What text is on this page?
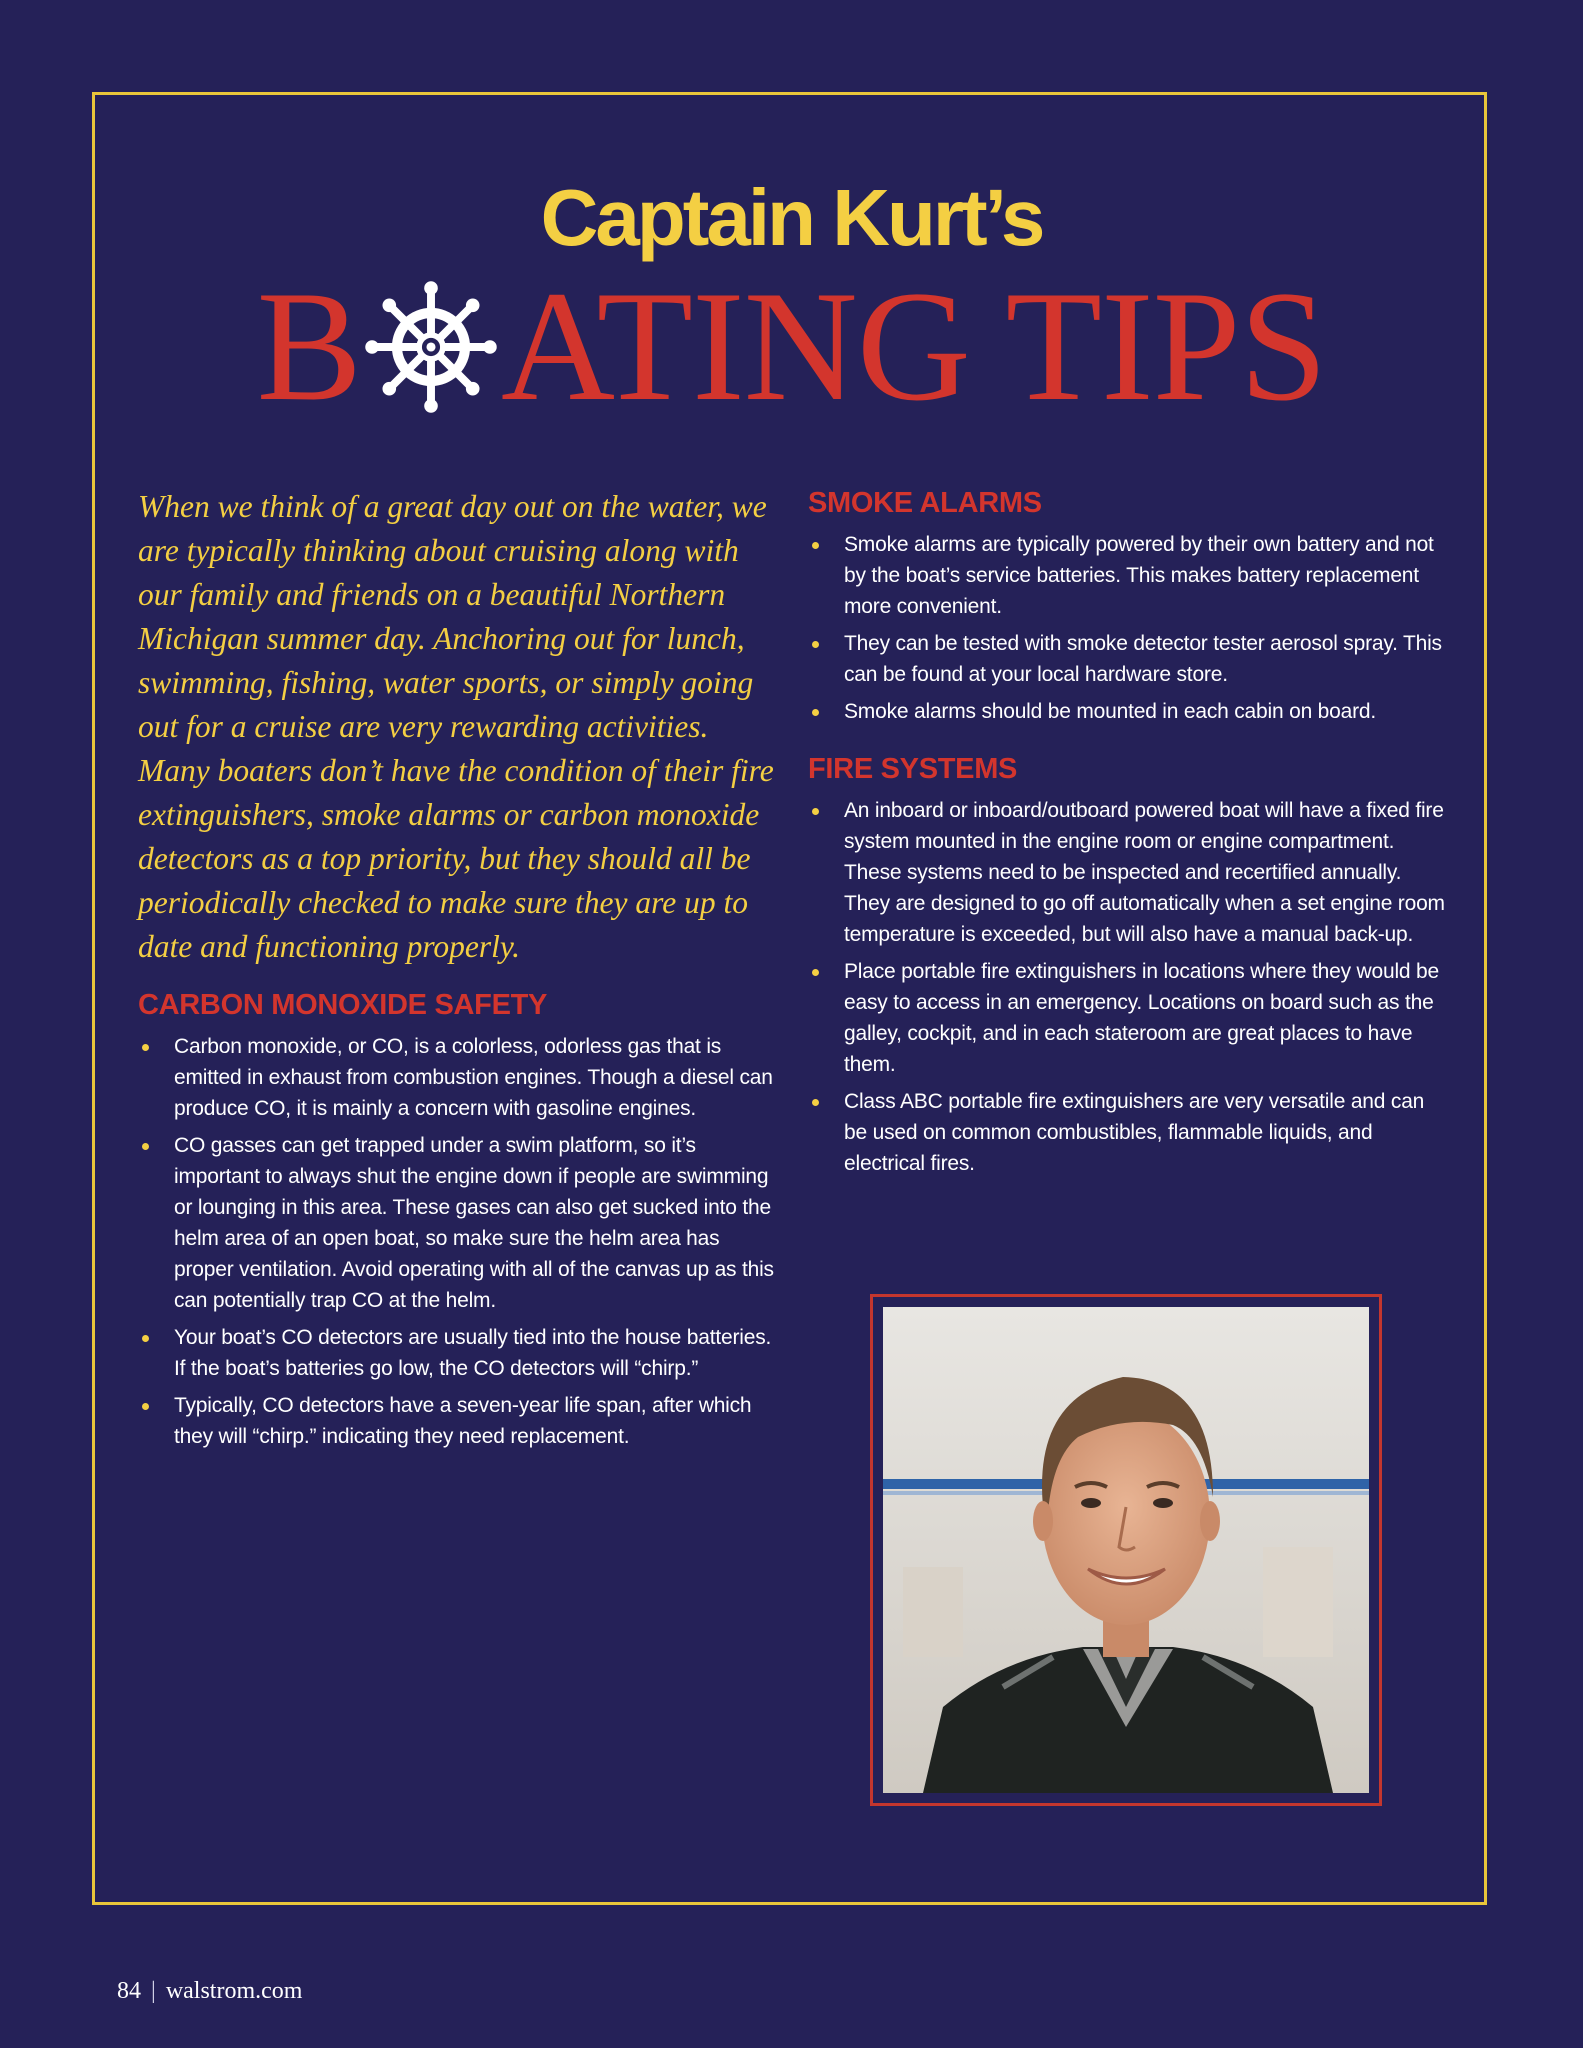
Captain Kurt’s
B ATING TIPS

When we think of a great day out on the water, we are typically thinking about cruising along with our family and friends on a beautiful Northern Michigan summer day. Anchoring out for lunch, swimming, fishing, water sports, or simply going out for a cruise are very rewarding activities. Many boaters don’t have the condition of their fire extinguishers, smoke alarms or carbon monoxide detectors as a top priority, but they should all be periodically checked to make sure they are up to date and functioning properly.

CARBON MONOXIDE SAFETY
Carbon monoxide, or CO, is a colorless, odorless gas that is emitted in exhaust from combustion engines. Though a diesel can produce CO, it is mainly a concern with gasoline engines.
CO gasses can get trapped under a swim platform, so it’s important to always shut the engine down if people are swimming or lounging in this area. These gases can also get sucked into the helm area of an open boat, so make sure the helm area has proper ventilation. Avoid operating with all of the canvas up as this can potentially trap CO at the helm.
Your boat’s CO detectors are usually tied into the house batteries. If the boat’s batteries go low, the CO detectors will “chirp.”
Typically, CO detectors have a seven-year life span, after which they will “chirp.” indicating they need replacement.
SMOKE ALARMS
Smoke alarms are typically powered by their own battery and not by the boat’s service batteries. This makes battery replacement more convenient.
They can be tested with smoke detector tester aerosol spray. This can be found at your local hardware store.
Smoke alarms should be mounted in each cabin on board.
FIRE SYSTEMS
An inboard or inboard/outboard powered boat will have a fixed fire system mounted in the engine room or engine compartment. These systems need to be inspected and recertified annually. They are designed to go off automatically when a set engine room temperature is exceeded, but will also have a manual back-up.
Place portable fire extinguishers in locations where they would be easy to access in an emergency. Locations on board such as the galley, cockpit, and in each stateroom are great places to have them.
Class ABC portable fire extinguishers are very versatile and can be used on common combustibles, flammable liquids, and electrical fires.
84 | walstrom.com
